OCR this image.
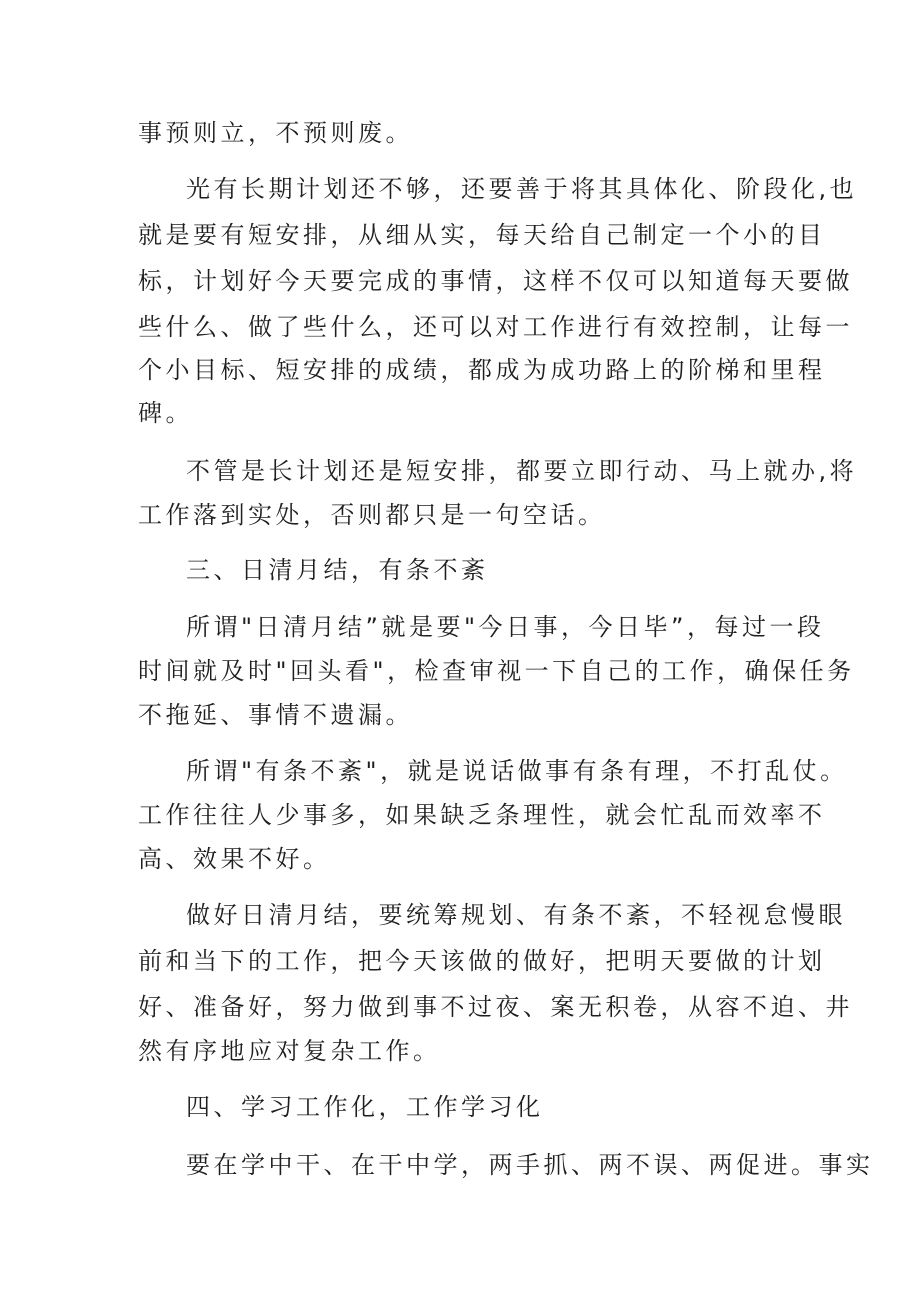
事预则立，不预则废。
光有长期计划还不够，还要善于将其具体化、阶段化,也
就是要有短安排，从细从实，每天给自己制定一个小的目
标，计划好今天要完成的事情，这样不仅可以知道每天要做
些什么、做了些什么，还可以对工作进行有效控制，让每一
个小目标、短安排的成绩，都成为成功路上的阶梯和里程
碑。
不管是长计划还是短安排，都要立即行动、马上就办,将
工作落到实处，否则都只是一句空话。
三、日清月结，有条不紊
所谓"日清月结”就是要"今日事，今日毕”，每过一段
时间就及时"回头看"，检查审视一下自己的工作，确保任务
不拖延、事情不遗漏。
所谓"有条不紊"，就是说话做事有条有理，不打乱仗。
工作往往人少事多，如果缺乏条理性，就会忙乱而效率不
高、效果不好。
做好日清月结，要统筹规划、有条不紊，不轻视怠慢眼
前和当下的工作，把今天该做的做好，把明天要做的计划
好、准备好，努力做到事不过夜、案无积卷，从容不迫、井
然有序地应对复杂工作。
四、学习工作化，工作学习化
要在学中干、在干中学，两手抓、两不误、两促进。事实
